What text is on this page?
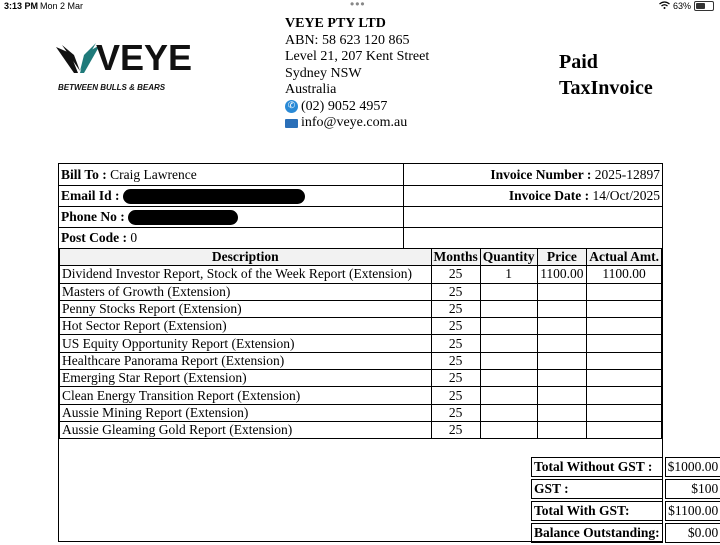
3:13 PM Mon 2 Mar	•••	63%
VEYE
BETWEEN BULLS & BEARS
VEYE PTY LTD
ABN: 58 623 120 865
Level 21, 207 Kent Street
Sydney NSW
Australia
✆ (02) 9052 4957
info@veye.com.au
Paid
TaxInvoice
Bill To : Craig Lawrence	Invoice Number : 2025-12897
Email Id :	Invoice Date : 14/Oct/2025
Phone No :
Post Code : 0
Description	Months	Quantity	Price	Actual Amt.
Dividend Investor Report, Stock of the Week Report (Extension)	25	1	1100.00	1100.00
Masters of Growth (Extension)	25			
Penny Stocks Report (Extension)	25			
Hot Sector Report (Extension)	25			
US Equity Opportunity Report (Extension)	25			
Healthcare Panorama Report (Extension)	25			
Emerging Star Report (Extension)	25			
Clean Energy Transition Report (Extension)	25			
Aussie Mining Report (Extension)	25			
Aussie Gleaming Gold Report (Extension)	25			
Total Without GST :	$1000.00
GST :	$100
Total With GST:	$1100.00
Balance Outstanding:	$0.00
